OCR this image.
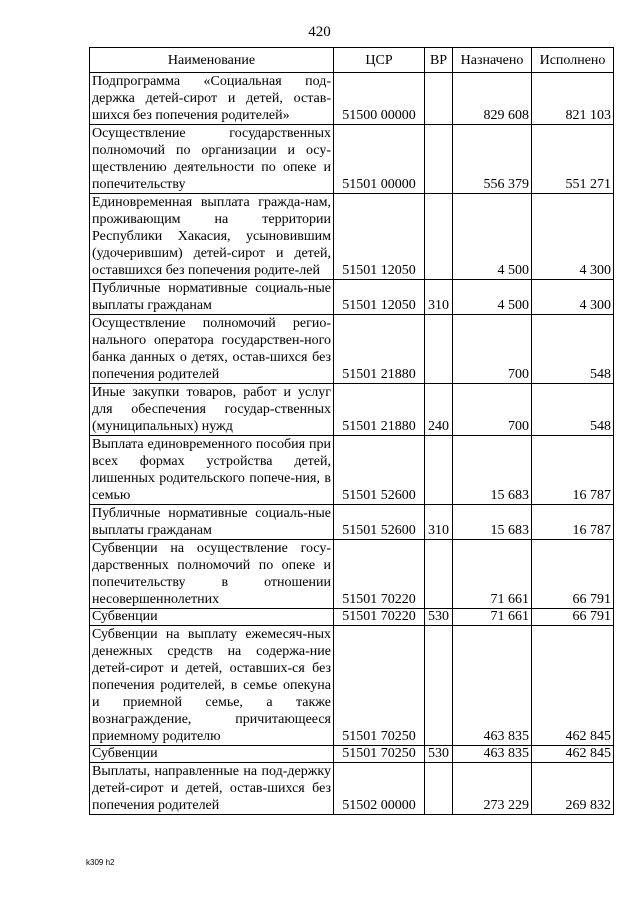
420
Наименование	ЦСР	ВР	Назначено	Исполнено
Подпрограмма «Социальная под-держка детей-сирот и детей, остав-шихся без попечения родителей»	51500 00000		829 608	821 103
Осуществление государственных полномочий по организации и осу-ществлению деятельности по опеке и попечительству	51501 00000		556 379	551 271
Единовременная выплата гражда-нам, проживающим на территории Республики Хакасия, усыновившим (удочерившим) детей-сирот и детей, оставшихся без попечения родите-лей	51501 12050		4 500	4 300
Публичные нормативные социаль-ные выплаты гражданам	51501 12050	310	4 500	4 300
Осуществление полномочий регио-нального оператора государствен-ного банка данных о детях, остав-шихся без попечения родителей	51501 21880		700	548
Иные закупки товаров, работ и услуг для обеспечения государ-ственных (муниципальных) нужд	51501 21880	240	700	548
Выплата единовременного пособия при всех формах устройства детей, лишенных родительского попече-ния, в семью	51501 52600		15 683	16 787
Публичные нормативные социаль-ные выплаты гражданам	51501 52600	310	15 683	16 787
Субвенции на осуществление госу-дарственных полномочий по опеке и попечительству в отношении несовершеннолетних	51501 70220		71 661	66 791
Субвенции	51501 70220	530	71 661	66 791
Субвенции на выплату ежемесяч-ных денежных средств на содержа-ние детей-сирот и детей, оставших-ся без попечения родителей, в семье опекуна и приемной семье, а также вознаграждение, причитающееся приемному родителю	51501 70250		463 835	462 845
Субвенции	51501 70250	530	463 835	462 845
Выплаты, направленные на под-держку детей-сирот и детей, остав-шихся без попечения родителей	51502 00000		273 229	269 832
k309 h2
